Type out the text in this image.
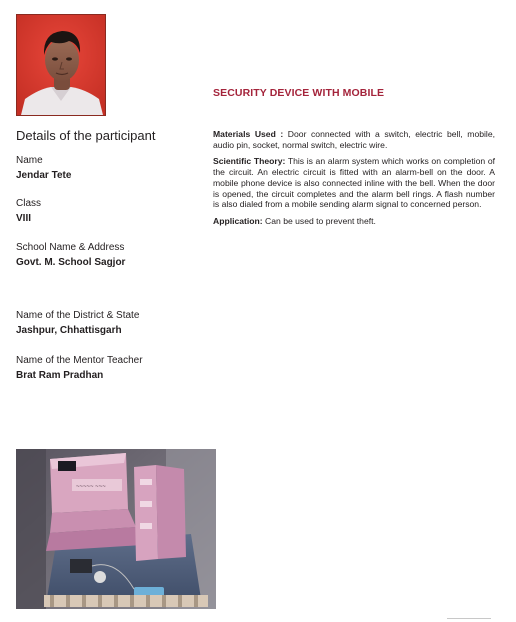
SECURITY DEVICE WITH MOBILE
Details of the participant
Name
Jendar Tete
Class
VIII
School Name & Address
Govt. M. School Sagjor
Name of the District & State
Jashpur, Chhattisgarh
Name of the Mentor Teacher
Brat Ram Pradhan

Materials Used : Door connected with a switch, electric bell, mobile, audio pin, socket, normal switch, electric wire.

Scientific Theory: This is an alarm system which works on completion of the circuit. An electric circuit is fitted with an alarm-bell on the door. A mobile phone device is also connected inline with the bell. When the door is opened, the circuit completes and the alarm bell rings. A flash number is also dialed from a mobile sending alarm signal to concerned person.

Application: Can be used to prevent theft.

~~~~~ ~~~
